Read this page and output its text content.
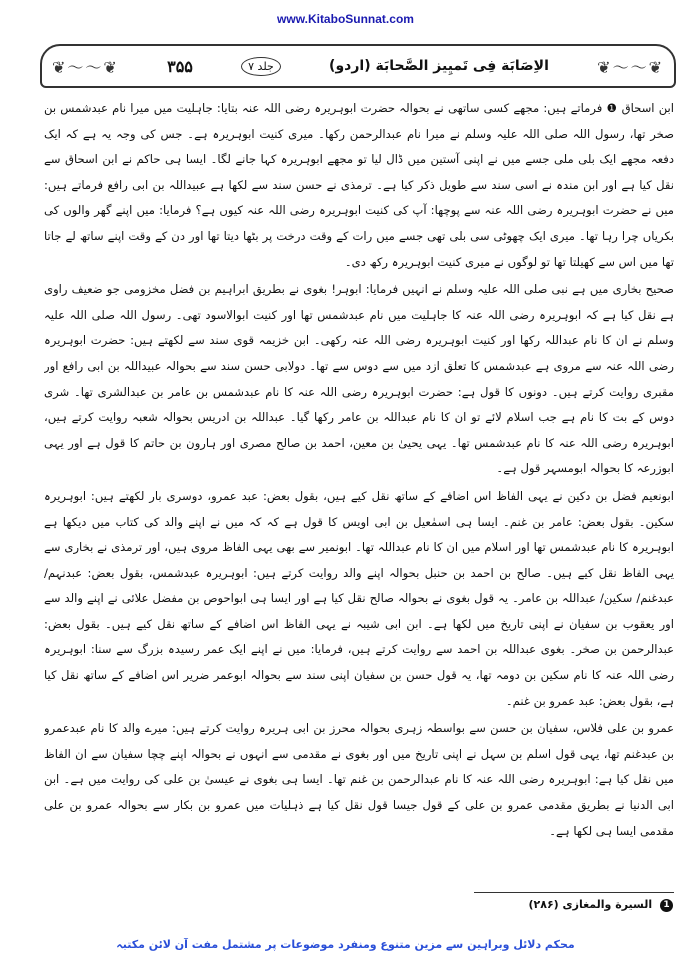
www.KitaboSunnat.com
❦〜〜❦	۳۵۵	جلد ۷	الاِصَابَة فِی تَمیِیز الصَّحابَة (اردو)	❦〜〜❦

ابن اسحاق ❶ فرماتے ہیں: مجھے کسی ساتھی نے بحوالہ حضرت ابوہریرہ رضی اللہ عنہ بتایا: جاہلیت میں میرا نام عبدشمس بن صخر تھا، رسول اللہ صلی اللہ علیہ وسلم نے میرا نام عبدالرحمن رکھا۔ میری کنیت ابوہریرہ ہے۔ جس کی وجہ یہ ہے کہ ایک دفعہ مجھے ایک بلی ملی جسے میں نے اپنی آستین میں ڈال لیا تو مجھے ابوہریرہ کہا جانے لگا۔ ایسا ہی حاکم نے ابن اسحاق سے نقل کیا ہے اور ابن مندہ نے اسی سند سے طویل ذکر کیا ہے۔ ترمذی نے حسن سند سے لکھا ہے عبیداللہ بن ابی رافع فرماتے ہیں: میں نے حضرت ابوہریرہ رضی اللہ عنہ سے پوچھا: آپ کی کنیت ابوہریرہ رضی اللہ عنہ کیوں ہے؟ فرمایا: میں اپنے گھر والوں کی بکریاں چرا رہا تھا۔ میری ایک چھوٹی سی بلی تھی جسے میں رات کے وقت درخت پر بٹھا دیتا تھا اور دن کے وقت اپنے ساتھ لے جاتا تھا میں اس سے کھیلتا تھا تو لوگوں نے میری کنیت ابوہریرہ رکھ دی۔

صحیح بخاری میں ہے نبی صلی اللہ علیہ وسلم نے انہیں فرمایا: ابوہر! بغوی نے بطریق ابراہیم بن فضل مخزومی جو ضعیف راوی ہے نقل کیا ہے کہ ابوہریرہ رضی اللہ عنہ کا جاہلیت میں نام عبدشمس تھا اور کنیت ابوالاسود تھی۔ رسول اللہ صلی اللہ علیہ وسلم نے ان کا نام عبداللہ رکھا اور کنیت ابوہریرہ رضی اللہ عنہ رکھی۔ ابن خزیمہ قوی سند سے لکھتے ہیں: حضرت ابوہریرہ رضی اللہ عنہ سے مروی ہے عبدشمس کا تعلق ازد میں سے دوس سے تھا۔ دولابی حسن سند سے بحوالہ عبیداللہ بن ابی رافع اور مقبری روایت کرتے ہیں۔ دونوں کا قول ہے: حضرت ابوہریرہ رضی اللہ عنہ کا نام عبدشمس بن عامر بن عبدالشری تھا۔ شری دوس کے بت کا نام ہے جب اسلام لائے تو ان کا نام عبداللہ بن عامر رکھا گیا۔ عبداللہ بن ادریس بحوالہ شعبہ روایت کرتے ہیں، ابوہریرہ رضی اللہ عنہ کا نام عبدشمس تھا۔ یہی یحییٰ بن معین، احمد بن صالح مصری اور ہارون بن حاتم کا قول ہے اور یہی ابوزرعہ کا بحوالہ ابومسہر قول ہے۔

ابونعیم فضل بن دکین نے یہی الفاظ اس اضافے کے ساتھ نقل کیے ہیں، بقول بعض: عبد عمرو، دوسری بار لکھتے ہیں: ابوہریرہ سکین۔ بقول بعض: عامر بن غنم۔ ایسا ہی اسمٰعیل بن ابی اویس کا قول ہے کہ کہ میں نے اپنے والد کی کتاب میں دیکھا ہے ابوہریرہ کا نام عبدشمس تھا اور اسلام میں ان کا نام عبداللہ تھا۔ ابونمیر سے بھی یہی الفاظ مروی ہیں، اور ترمذی نے بخاری سے یہی الفاظ نقل کیے ہیں۔ صالح بن احمد بن حنبل بحوالہ اپنے والد روایت کرتے ہیں: ابوہریرہ عبدشمس، بقول بعض: عبدنہم/ عبدغنم/ سکین/ عبداللہ بن عامر۔ یہ قول بغوی نے بحوالہ صالح نقل کیا ہے اور ایسا ہی ابواحوص بن مفضل علائی نے اپنے والد سے اور یعقوب بن سفیان نے اپنی تاریخ میں لکھا ہے۔ ابن ابی شیبہ نے یہی الفاظ اس اضافے کے ساتھ نقل کیے ہیں۔ بقول بعض: عبدالرحمن بن صخر۔ بغوی عبداللہ بن احمد سے روایت کرتے ہیں، فرمایا: میں نے اپنے ایک عمر رسیدہ بزرگ سے سنا: ابوہریرہ رضی اللہ عنہ کا نام سکین بن دومہ تھا، یہ قول حسن بن سفیان اپنی سند سے بحوالہ ابوعمر ضریر اس اضافے کے ساتھ نقل کیا ہے، بقول بعض: عبد عمرو بن غنم۔

عمرو بن علی فلاس، سفیان بن حسن سے بواسطہ زہری بحوالہ محرز بن ابی ہریرہ روایت کرتے ہیں: میرے والد کا نام عبدعمرو بن عبدغنم تھا، یہی قول اسلم بن سہل نے اپنی تاریخ میں اور بغوی نے مقدمی سے انہوں نے بحوالہ اپنے چچا سفیان سے ان الفاظ میں نقل کیا ہے: ابوہریرہ رضی اللہ عنہ کا نام عبدالرحمن بن غنم تھا۔ ایسا ہی بغوی نے عیسیٰ بن علی کی روایت میں ہے۔ ابن ابی الدنیا نے بطریق مقدمی عمرو بن علی کے قول جیسا قول نقل کیا ہے ذہلیات میں عمرو بن بکار سے بحوالہ عمرو بن علی مقدمی ایسا ہی لکھا ہے۔

1 السیرة والمغازی (۲۸۶)
محکم دلائل وبراہین سے مزین متنوع ومنفرد موضوعات پر مشتمل مفت آن لائن مکتبہ
